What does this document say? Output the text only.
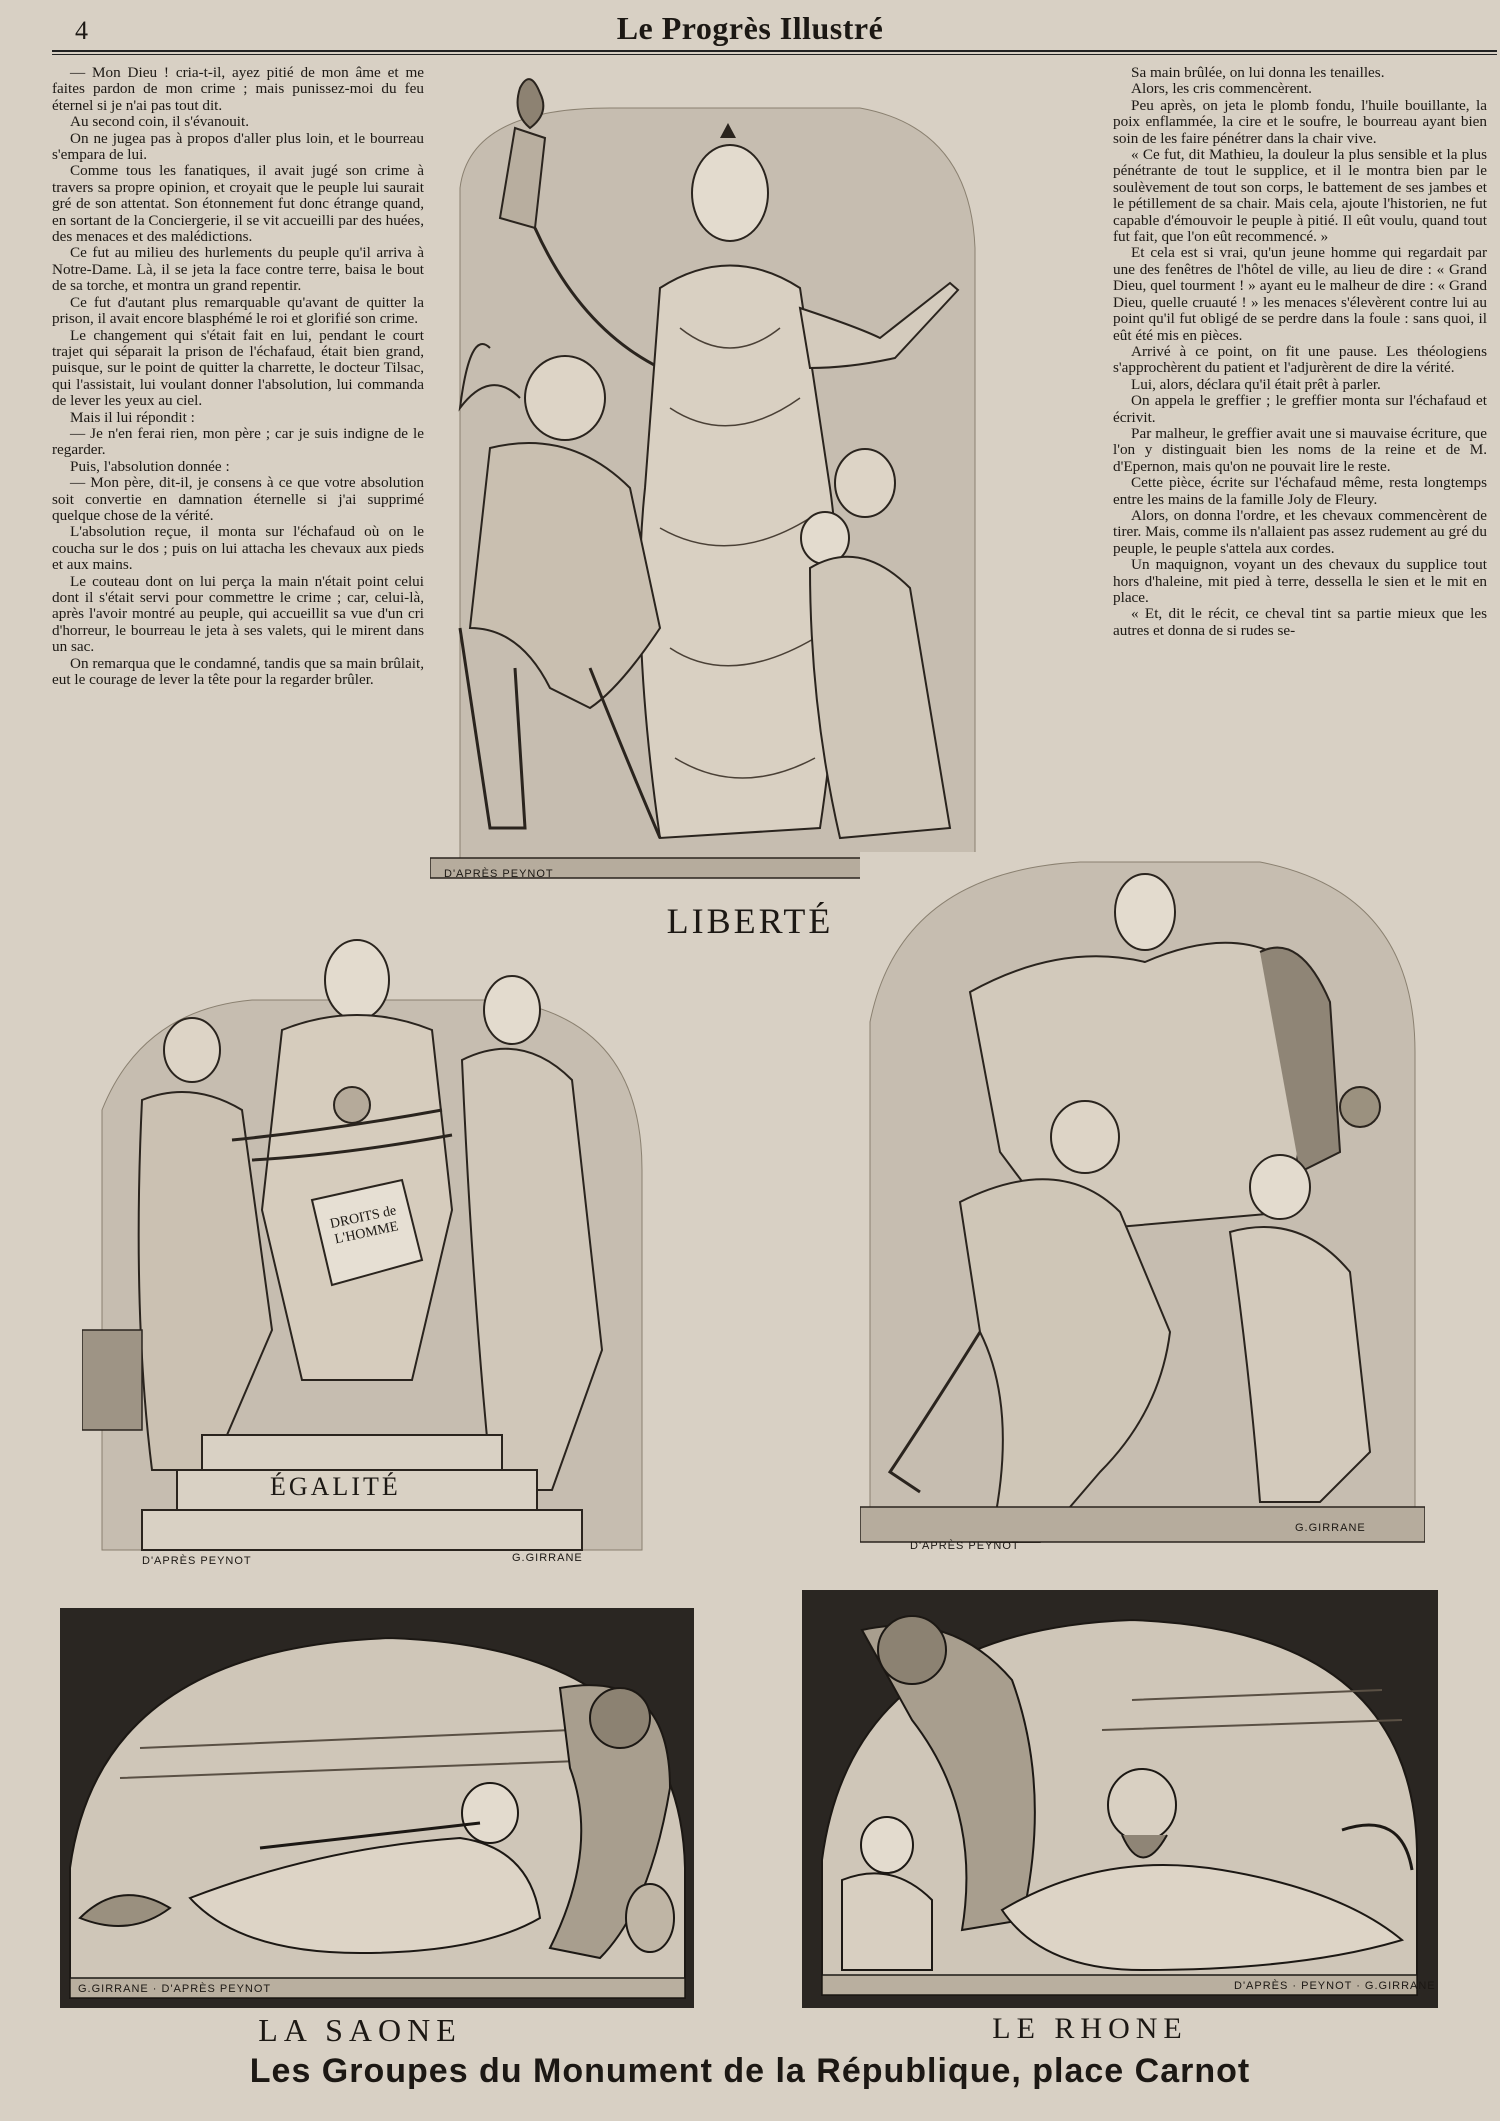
4	Le Progrès Illustré

— Mon Dieu ! cria-t-il, ayez pitié de mon âme et me faites pardon de mon crime ; mais punissez-moi du feu éternel si je n'ai pas tout dit.

Au second coin, il s'évanouit.

On ne jugea pas à propos d'aller plus loin, et le bourreau s'empara de lui.

Comme tous les fanatiques, il avait jugé son crime à travers sa propre opinion, et croyait que le peuple lui saurait gré de son attentat. Son étonnement fut donc étrange quand, en sortant de la Conciergerie, il se vit accueilli par des huées, des menaces et des malédictions.

Ce fut au milieu des hurlements du peuple qu'il arriva à Notre-Dame. Là, il se jeta la face contre terre, baisa le bout de sa torche, et montra un grand repentir.

Ce fut d'autant plus remarquable qu'avant de quitter la prison, il avait encore blasphémé le roi et glorifié son crime.

Le changement qui s'était fait en lui, pendant le court trajet qui séparait la prison de l'échafaud, était bien grand, puisque, sur le point de quitter la charrette, le docteur Tilsac, qui l'assistait, lui voulant donner l'absolution, lui commanda de lever les yeux au ciel.

Mais il lui répondit :

— Je n'en ferai rien, mon père ; car je suis indigne de le regarder.

Puis, l'absolution donnée :

— Mon père, dit-il, je consens à ce que votre absolution soit convertie en damnation éternelle si j'ai supprimé quelque chose de la vérité.

L'absolution reçue, il monta sur l'échafaud où on le coucha sur le dos ; puis on lui attacha les chevaux aux pieds et aux mains.

Le couteau dont on lui perça la main n'était point celui dont il s'était servi pour commettre le crime ; car, celui-là, après l'avoir montré au peuple, qui accueillit sa vue d'un cri d'horreur, le bourreau le jeta à ses valets, qui le mirent dans un sac.

On remarqua que le condamné, tandis que sa main brûlait, eut le courage de lever la tête pour la regarder brûler.

Sa main brûlée, on lui donna les tenailles.

Alors, les cris commencèrent.

Peu après, on jeta le plomb fondu, l'huile bouillante, la poix enflammée, la cire et le soufre, le bourreau ayant bien soin de les faire pénétrer dans la chair vive.

« Ce fut, dit Mathieu, la douleur la plus sensible et la plus pénétrante de tout le supplice, et il le montra bien par le soulèvement de tout son corps, le battement de ses jambes et le pétillement de sa chair. Mais cela, ajoute l'historien, ne fut capable d'émouvoir le peuple à pitié. Il eût voulu, quand tout fut fait, que l'on eût recommencé. »

Et cela est si vrai, qu'un jeune homme qui regardait par une des fenêtres de l'hôtel de ville, au lieu de dire : « Grand Dieu, quel tourment ! » ayant eu le malheur de dire : « Grand Dieu, quelle cruauté ! » les menaces s'élevèrent contre lui au point qu'il fut obligé de se perdre dans la foule : sans quoi, il eût été mis en pièces.

Arrivé à ce point, on fit une pause. Les théologiens s'approchèrent du patient et l'adjurèrent de dire la vérité.

Lui, alors, déclara qu'il était prêt à parler.

On appela le greffier ; le greffier monta sur l'échafaud et écrivit.

Par malheur, le greffier avait une si mauvaise écriture, que l'on y distinguait bien les noms de la reine et de M. d'Epernon, mais qu'on ne pouvait lire le reste.

Cette pièce, écrite sur l'échafaud même, resta longtemps entre les mains de la famille Joly de Fleury.

Alors, on donna l'ordre, et les chevaux commencèrent de tirer. Mais, comme ils n'allaient pas assez rudement au gré du peuple, le peuple s'attela aux cordes.

Un maquignon, voyant un des chevaux du supplice tout hors d'haleine, mit pied à terre, dessella le sien et le mit en place.

« Et, dit le récit, ce cheval tint sa partie mieux que les autres et donna de si rudes se-

D'APRÈS PEYNOT
LIBERTÉ
DROITS de L'HOMME
ÉGALITÉ
D'APRÈS PEYNOT	G.GIRRANE
D'APRÈS PEYNOT
G.GIRRANE
G.GIRRANE · D'APRÈS PEYNOT
LA SAONE
D'APRÈS · PEYNOT · G.GIRRANE
LE RHONE
Les Groupes du Monument de la République, place Carnot
